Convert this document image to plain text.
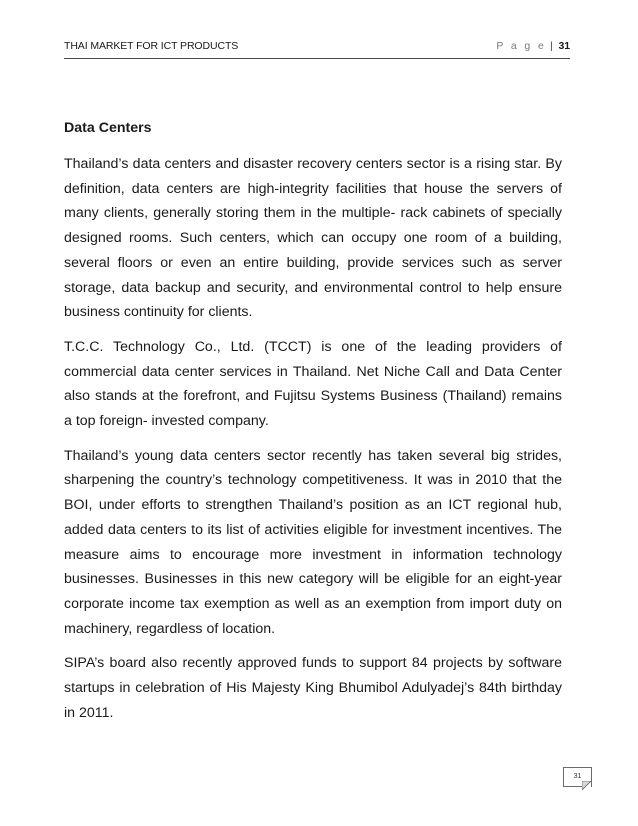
THAI MARKET FOR ICT PRODUCTS	P a g e | 31
Data Centers

Thailand’s data centers and disaster recovery centers sector is a rising star. By definition, data centers are high-integrity facilities that house the servers of many clients, generally storing them in the multiple- rack cabinets of specially designed rooms. Such centers, which can occupy one room of a building, several floors or even an entire building, provide services such as server storage, data backup and security, and environmental control to help ensure business continuity for clients.

T.C.C. Technology Co., Ltd. (TCCT) is one of the leading providers of commercial data center services in Thailand. Net Niche Call and Data Center also stands at the forefront, and Fujitsu Systems Business (Thailand) remains a top foreign- invested company.

Thailand’s young data centers sector recently has taken several big strides, sharpening the country’s technology competitiveness. It was in 2010 that the BOI, under efforts to strengthen Thailand’s position as an ICT regional hub, added data centers to its list of activities eligible for investment incentives. The measure aims to encourage more investment in information technology businesses. Businesses in this new category will be eligible for an eight-year corporate income tax exemption as well as an exemption from import duty on machinery, regardless of location.

SIPA’s board also recently approved funds to support 84 projects by software startups in celebration of His Majesty King Bhumibol Adulyadej’s 84th birthday in 2011.

31
